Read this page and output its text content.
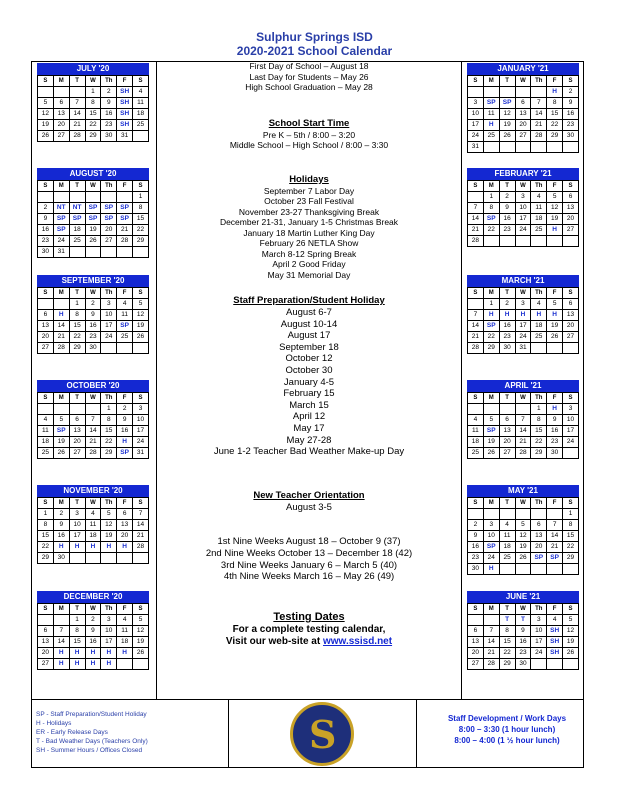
Sulphur Springs ISD
2020-2021 School Calendar
JULY '20
S	M	T	W	Th	F	S
			1	2	SH	4
5	6	7	8	9	SH	11
12	13	14	15	16	SH	18
19	20	21	22	23	SH	25
26	27	28	29	30	31	
AUGUST '20
S	M	T	W	Th	F	S
						1
2	NT	NT	SP	SP	SP	8
9	SP	SP	SP	SP	SP	15
16	SP	18	19	20	21	22
23	24	25	26	27	28	29
30	31					
SEPTEMBER '20
S	M	T	W	Th	F	S
		1	2	3	4	5
6	H	8	9	10	11	12
13	14	15	16	17	SP	19
20	21	22	23	24	25	26
27	28	29	30			
OCTOBER '20
S	M	T	W	Th	F	S
				1	2	3
4	5	6	7	8	9	10
11	SP	13	14	15	16	17
18	19	20	21	22	H	24
25	26	27	28	29	SP	31
NOVEMBER '20
S	M	T	W	Th	F	S
1	2	3	4	5	6	7
8	9	10	11	12	13	14
15	16	17	18	19	20	21
22	H	H	H	H	H	28
29	30					
DECEMBER '20
S	M	T	W	Th	F	S
		1	2	3	4	5
6	7	8	9	10	11	12
13	14	15	16	17	18	19
20	H	H	H	H	H	26
27	H	H	H	H		
JANUARY '21
S	M	T	W	Th	F	S
					H	2
3	SP	SP	6	7	8	9
10	11	12	13	14	15	16
17	H	19	20	21	22	23
24	25	26	27	28	29	30
31						
FEBRUARY '21
S	M	T	W	Th	F	S
	1	2	3	4	5	6
7	8	9	10	11	12	13
14	SP	16	17	18	19	20
21	22	23	24	25	H	27
28						
MARCH '21
S	M	T	W	Th	F	S
	1	2	3	4	5	6
7	H	H	H	H	H	13
14	SP	16	17	18	19	20
21	22	23	24	25	26	27
28	29	30	31			
APRIL '21
S	M	T	W	Th	F	S
				1	H	3
4	5	6	7	8	9	10
11	SP	13	14	15	16	17
18	19	20	21	22	23	24
25	26	27	28	29	30	
MAY '21
S	M	T	W	Th	F	S
						1
2	3	4	5	6	7	8
9	10	11	12	13	14	15
16	SP	18	19	20	21	22
23	24	25	26	SP	SP	29
30	H					
JUNE '21
S	M	T	W	Th	F	S
		T	T	3	4	5
6	7	8	9	10	SH	12
13	14	15	16	17	SH	19
20	21	22	23	24	SH	26
27	28	29	30			

First Day of School – August 18

Last Day for Students – May 26

High School Graduation – May 28

School Start Time

Pre K – 5th / 8:00 – 3:20

Middle School – High School / 8:00 – 3:30

Holidays

September 7 Labor Day

October 23 Fall Festival

November 23-27 Thanksgiving Break

December 21-31, January 1-5 Christmas Break

January 18 Martin Luther King Day

February 26 NETLA Show

March 8-12 Spring Break

April 2 Good Friday

May 31 Memorial Day

Staff Preparation/Student Holiday

August 6-7

August 10-14

August 17

September 18

October 12

October 30

January 4-5

February 15

March 15

April 12

May 17

May 27-28

June 1-2 Teacher Bad Weather Make-up Day

New Teacher Orientation

August 3-5

1st Nine Weeks August 18 – October 9 (37)

2nd Nine Weeks October 13 – December 18 (42)

3rd Nine Weeks January 6 – March 5 (40)

4th Nine Weeks March 16 – May 26 (49)

Testing Dates

For a complete testing calendar,

Visit our web-site at www.ssisd.net

SP - Staff Preparation/Student Holiday
H - Holidays
ER - Early Release Days
T - Bad Weather Days (Teachers Only)
SH - Summer Hours / Offices Closed	S	Staff Development / Work Days
8:00 – 3:30 (1 hour lunch)
8:00 – 4:00 (1 ½ hour lunch)
